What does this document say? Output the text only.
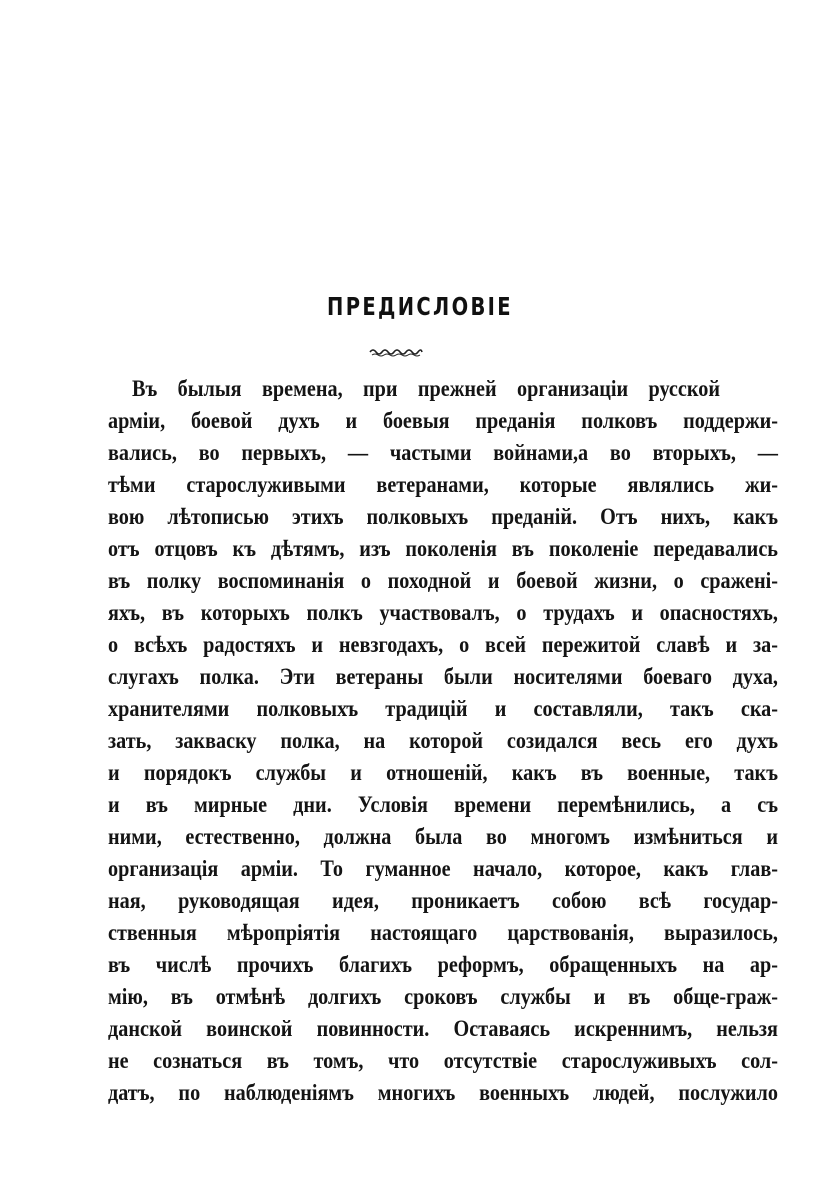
ПРЕДИСЛОВІЕ
Въ былыя времена, при прежней организаціи русской
арміи, боевой духъ и боевыя преданія полковъ поддержи-
вались, во первыхъ, — частыми войнами,а во вторыхъ, —
тѣми старослуживыми ветеранами, которые являлись жи-
вою лѣтописью этихъ полковыхъ преданій. Отъ нихъ, какъ
отъ отцовъ къ дѣтямъ, изъ поколенія въ поколеніе передавались
въ полку воспоминанія о походной и боевой жизни, о сраженi-
яхъ, въ которыхъ полкъ участвовалъ, о трудахъ и опасностяхъ,
о всѣхъ радостяхъ и невзгодахъ, о всей пережитой славѣ и за-
слугахъ полка. Эти ветераны были носителями боеваго духа,
хранителями полковыхъ традицій и составляли, такъ ска-
зать, закваску полка, на которой созидался весь его духъ
и порядокъ службы и отношеній, какъ въ военные, такъ
и въ мирные дни. Условія времени перемѣнились, а съ
ними, естественно, должна была во многомъ измѣниться и
организація арміи. То гуманное начало, которое, какъ глав-
ная, руководящая идея, проникаетъ собою всѣ государ-
ственныя мѣропріятія настоящаго царствованія, выразилось,
въ числѣ прочихъ благихъ реформъ, обращенныхъ на ар-
мію, въ отмѣнѣ долгихъ сроковъ службы и въ обще-граж-
данской воинской повинности. Оставаясь искреннимъ, нельзя
не сознаться въ томъ, что отсутствіе старослуживыхъ сол-
датъ, по наблюденіямъ многихъ военныхъ людей, послужило
